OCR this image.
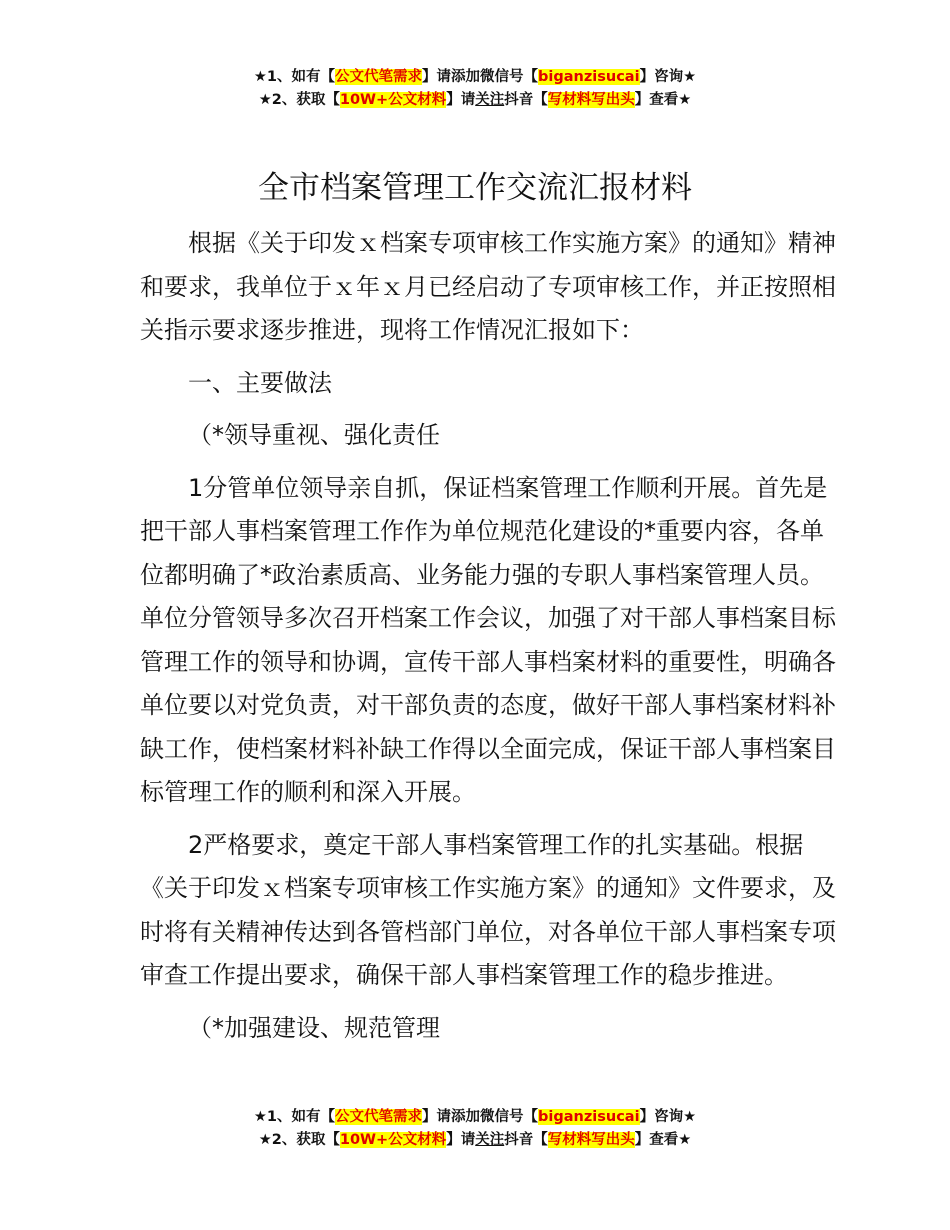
★1、如有【公文代笔需求】请添加微信号【biganzisucai】咨询★
★2、获取【10W+公文材料】请关注抖音【写材料写出头】查看★
全市档案管理工作交流汇报材料

根据《关于印发ｘ档案专项审核工作实施方案》的通知》精神和要求，我单位于ｘ年ｘ月已经启动了专项审核工作，并正按照相关指示要求逐步推进，现将工作情况汇报如下：

一、主要做法

（*领导重视、强化责任

1分管单位领导亲自抓，保证档案管理工作顺利开展。首先是把干部人事档案管理工作作为单位规范化建设的*重要内容，各单位都明确了*政治素质高、业务能力强的专职人事档案管理人员。单位分管领导多次召开档案工作会议，加强了对干部人事档案目标管理工作的领导和协调，宣传干部人事档案材料的重要性，明确各单位要以对党负责，对干部负责的态度，做好干部人事档案材料补缺工作，使档案材料补缺工作得以全面完成，保证干部人事档案目标管理工作的顺利和深入开展。

2严格要求，奠定干部人事档案管理工作的扎实基础。根据《关于印发ｘ档案专项审核工作实施方案》的通知》文件要求，及时将有关精神传达到各管档部门单位，对各单位干部人事档案专项审查工作提出要求，确保干部人事档案管理工作的稳步推进。

（*加强建设、规范管理

★1、如有【公文代笔需求】请添加微信号【biganzisucai】咨询★
★2、获取【10W+公文材料】请关注抖音【写材料写出头】查看★
